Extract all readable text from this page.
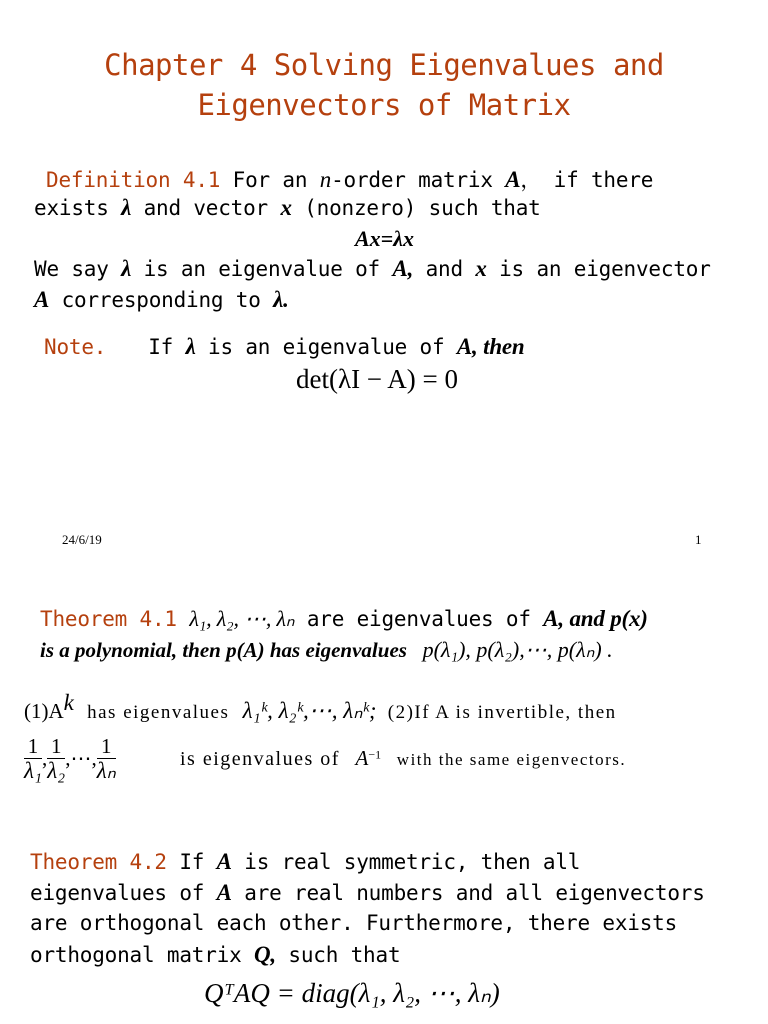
Chapter 4 Solving Eigenvalues and
Eigenvectors of Matrix
Definition 4.1 For an n-order matrix A， if there
exists λ and vector x (nonzero) such that
Ax=λx
We say λ is an eigenvalue of A, and x is an eigenvector
A corresponding to λ.
Note. If λ is an eigenvalue of A, then
det(λI − A) = 0
24/6/19	1
Theorem 4.1 λ₁, λ₂, ⋯, λₙ are eigenvalues of A, and p(x)
is a polynomial, then p(A) has eigenvalues p(λ₁), p(λ₂),⋯, p(λₙ) .
$(1)A^k$ has eigenvalues λ₁ᵏ, λ₂ᵏ,⋯, λₙᵏ; (2)If A is invertible, then
$\frac{1}{\text{λ₁}}$ , $\frac{1}{\text{λ₂}}$ ,⋯, $\frac{1}{\text{λₙ}}$	is eigenvalues of $A^{-1}$ with the same eigenvectors.
Theorem 4.2 If A is real symmetric, then all
eigenvalues of A are real numbers and all eigenvectors
are orthogonal each other. Furthermore, there exists
orthogonal matrix Q, such that
QᵀAQ = diag(λ₁, λ₂, ⋯, λₙ)
